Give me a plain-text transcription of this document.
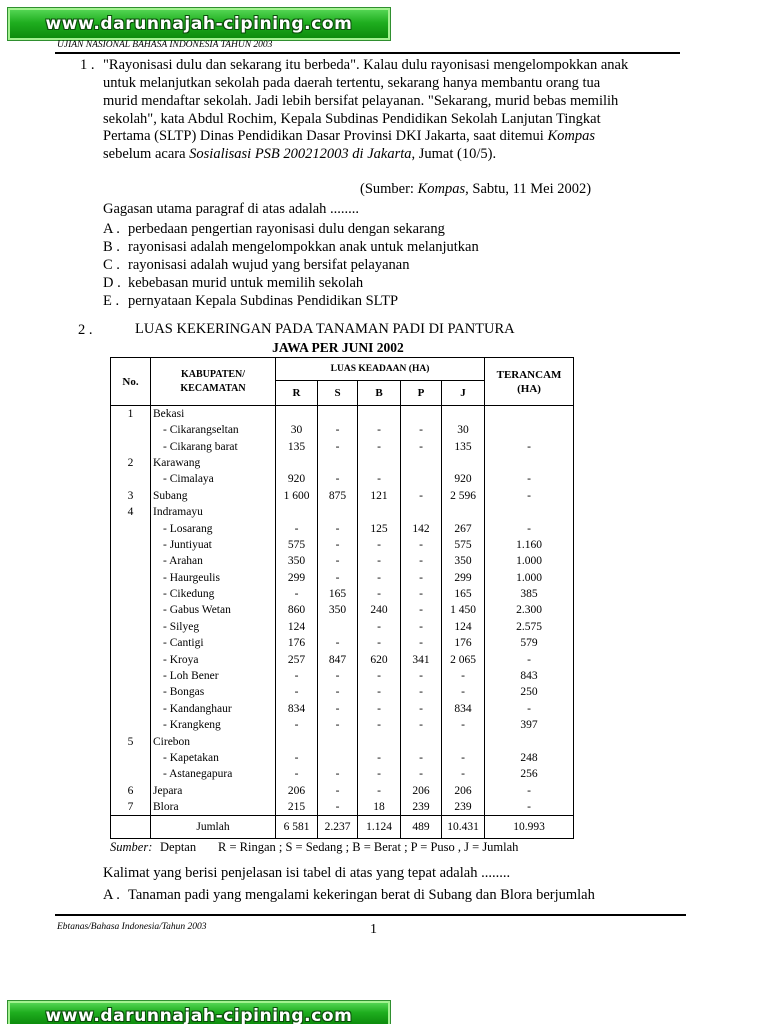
www.darunnajah-cipining.com
UJIAN NASIONAL BAHASA INDONESIA TAHUN 2003
1 . "Rayonisasi dulu dan sekarang itu berbeda". Kalau dulu rayonisasi mengelompokkan anak
untuk melanjutkan sekolah pada daerah tertentu, sekarang hanya membantu orang tua
murid mendaftar sekolah. Jadi lebih bersifat pelayanan. "Sekarang, murid bebas memilih
sekolah", kata Abdul Rochim, Kepala Subdinas Pendidikan Sekolah Lanjutan Tingkat
Pertama (SLTP) Dinas Pendidikan Dasar Provinsi DKI Jakarta, saat ditemui Kompas
sebelum acara Sosialisasi PSB 200212003 di Jakarta, Jumat (10/5).
(Sumber: Kompas, Sabtu, 11 Mei 2002)
Gagasan utama paragraf di atas adalah ........
A . perbedaan pengertian rayonisasi dulu dengan sekarang
B . rayonisasi adalah mengelompokkan anak untuk melanjutkan
C . rayonisasi adalah wujud yang bersifat pelayanan
D . kebebasan murid untuk memilih sekolah
E . pernyataan Kepala Subdinas Pendidikan SLTP
2 .	LUAS KEKERINGAN PADA TANAMAN PADI DI PANTURA
JAWA PER JUNI 2002
No.	KABUPATEN/
KECAMATAN	LUAS KEADAAN (HA)					TERANCAM
(HA)

		R	S	B	P	J	
1	Bekasi						
	- Cikarangseltan	30	-	-	-	30	
	- Cikarang barat	135	-	-	-	135	-
2	Karawang						
	- Cimalaya	920	-	-		920	-
3	Subang	1 600	875	121	-	2 596	-
4	Indramayu						
	- Losarang	-	-	125	142	267	-
	- Juntiyuat	575	-	-	-	575	1.160
	- Arahan	350	-	-	-	350	1.000
	- Haurgeulis	299	-	-	-	299	1.000
	- Cikedung	-	165	-	-	165	385
	- Gabus Wetan	860	350	240	-	1 450	2.300
	- Silyeg	124		-	-	124	2.575
	- Cantigi	176	-	-	-	176	579
	- Kroya	257	847	620	341	2 065	-
	- Loh Bener	-	-	-	-	-	843
	- Bongas	-	-	-	-	-	250
	- Kandanghaur	834	-	-	-	834	-
	- Krangkeng	-	-	-	-	-	397
5	Cirebon						
	- Kapetakan	-		-	-	-	248
	- Astanegapura	-	-	-	-	-	256
6	Jepara	206	-	-	206	206	-
7	Blora	215	-	18	239	239	-
	Jumlah	6 581	2.237	1.124	489	10.431	10.993

Sumber:

Deptan

R = Ringan ; S = Sedang ; B = Berat ; P = Puso , J = Jumlah

Kalimat yang berisi penjelasan isi tabel di atas yang tepat adalah ........
A . Tanaman padi yang mengalami kekeringan berat di Subang dan Blora berjumlah
Ebtanas/Bahasa Indonesia/Tahun 2003	1
www.darunnajah-cipining.com
